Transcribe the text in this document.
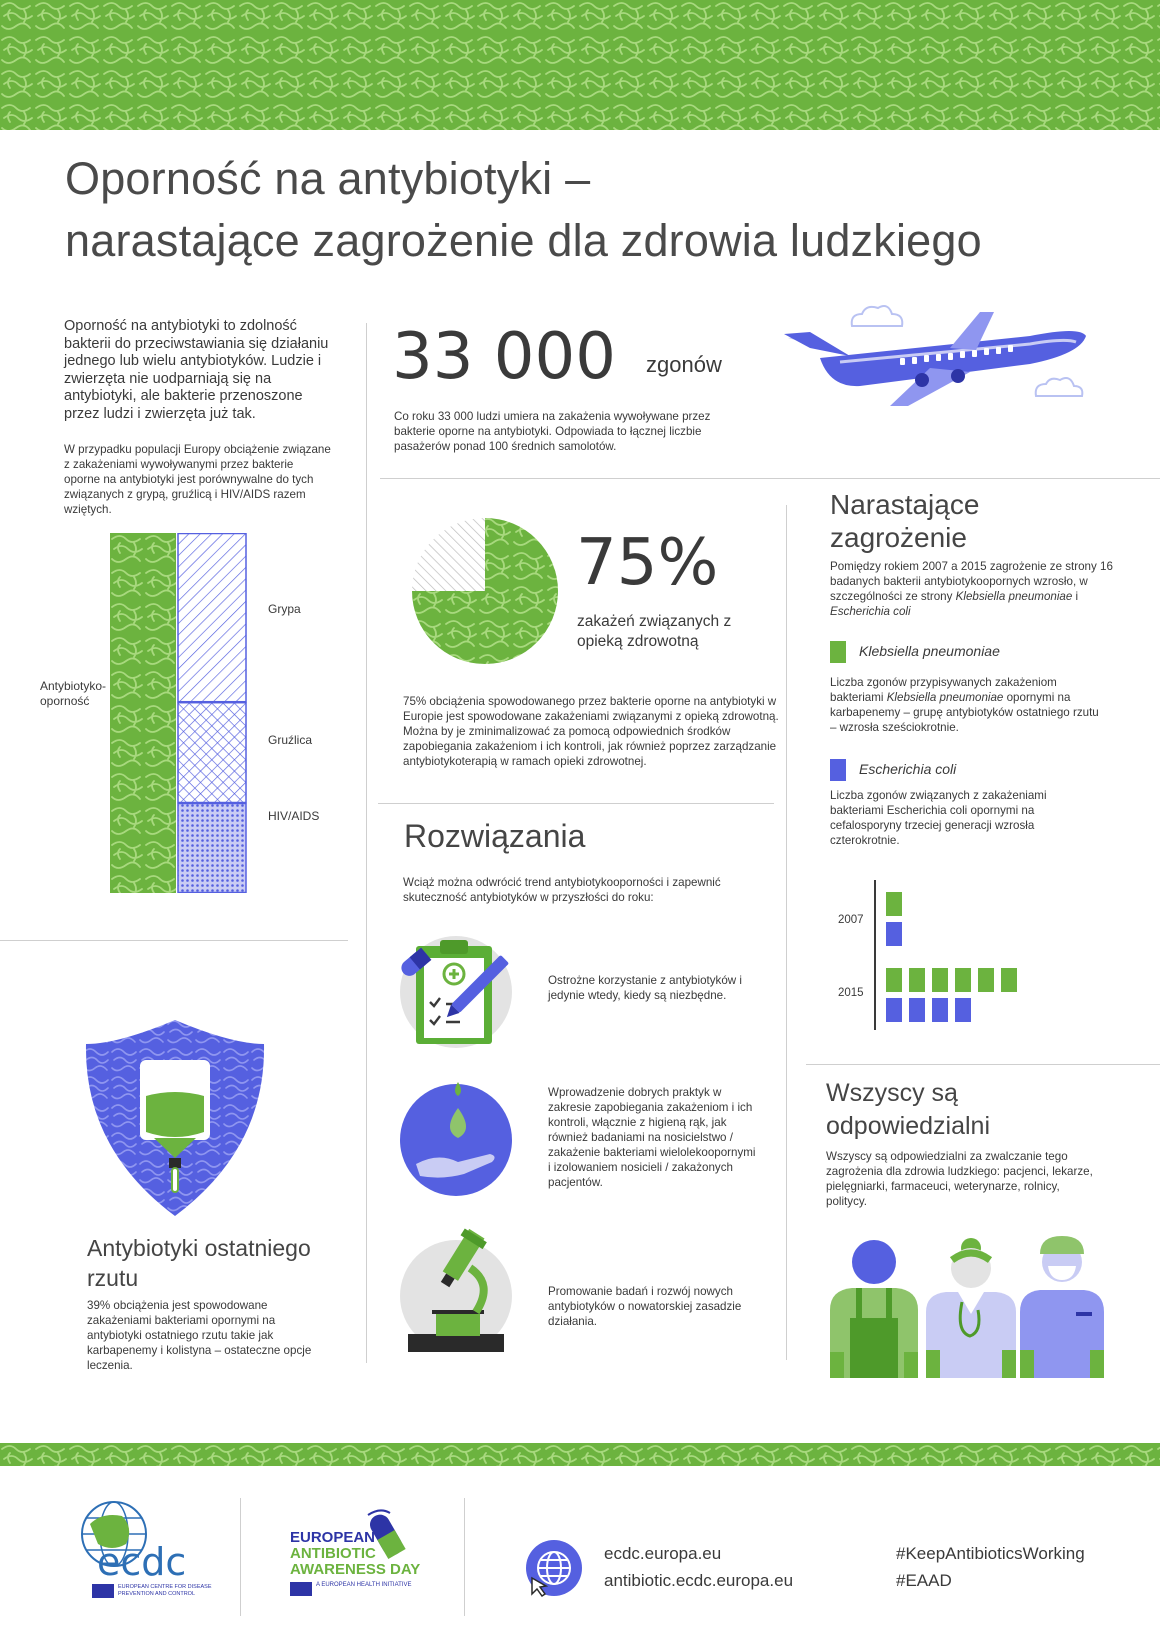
Oporność na antybiotyki –
narastające zagrożenie dla zdrowia ludzkiego
Oporność na antybiotyki to zdolność bakterii do przeciwstawiania się działaniu jednego lub wielu antybiotyków. Ludzie i zwierzęta nie uodparniają się na antybiotyki, ale bakterie przenoszone przez ludzi i zwierzęta już tak.
W przypadku populacji Europy obciążenie związane z zakażeniami wywoływanymi przez bakterie oporne na antybiotyki jest porównywalne do tych związanych z grypą, gruźlicą i HIV/AIDS razem wziętych.
Antybiotyko-oporność
Grypa
Gruźlica
HIV/AIDS
33 000 zgonów
Co roku 33 000 ludzi umiera na zakażenia wywoływane przez bakterie oporne na antybiotyki. Odpowiada to łącznej liczbie pasażerów ponad 100 średnich samolotów.
75%
zakażeń związanych z opieką zdrowotną
75% obciążenia spowodowanego przez bakterie oporne na antybiotyki w Europie jest spowodowane zakażeniami związanymi z opieką zdrowotną. Można by je zminimalizować za pomocą odpowiednich środków zapobiegania zakażeniom i ich kontroli, jak również poprzez zarządzanie antybiotykoterapią w ramach opieki zdrowotnej.
Narastające
zagrożenie
Pomiędzy rokiem 2007 a 2015 zagrożenie ze strony 16 badanych bakterii antybiotykoopornych wzrosło, w szczególności ze strony Klebsiella pneumoniae i Escherichia coli
Klebsiella pneumoniae
Liczba zgonów przypisywanych zakażeniom bakteriami Klebsiella pneumoniae opornymi na karbapenemy – grupę antybiotyków ostatniego rzutu – wzrosła sześciokrotnie.
Escherichia coli
Liczba zgonów związanych z zakażeniami bakteriami Escherichia coli opornymi na cefalosporyny trzeciej generacji wzrosła czterokrotnie.
2007
2015
Rozwiązania
Wciąż można odwrócić trend antybiotykooporności i zapewnić skuteczność antybiotyków w przyszłości do roku:
Ostrożne korzystanie z antybiotyków i jedynie wtedy, kiedy są niezbędne.
Wprowadzenie dobrych praktyk w zakresie zapobiegania zakażeniom i ich kontroli, włącznie z higieną rąk, jak również badaniami na nosicielstwo / zakażenie bakteriami wielolekoopornymi i izolowaniem nosicieli / zakażonych pacjentów.
Promowanie badań i rozwój nowych antybiotyków o nowatorskiej zasadzie działania.
Antybiotyki ostatniego
rzutu
39% obciążenia jest spowodowane zakażeniami bakteriami opornymi na antybiotyki ostatniego rzutu takie jak karbapenemy i kolistyna – ostateczne opcje leczenia.
Wszyscy są
odpowiedzialni
Wszyscy są odpowiedzialni za zwalczanie tego zagrożenia dla zdrowia ludzkiego: pacjenci, lekarze, pielęgniarki, farmaceuci, weterynarze, rolnicy, politycy.
ecdc
EUROPEAN CENTRE FOR DISEASE PREVENTION AND CONTROL
EUROPEAN
ANTIBIOTIC
AWARENESS DAY
A EUROPEAN HEALTH INITIATIVE
ecdc.europa.eu
antibiotic.ecdc.europa.eu
#KeepAntibioticsWorking
#EAAD
